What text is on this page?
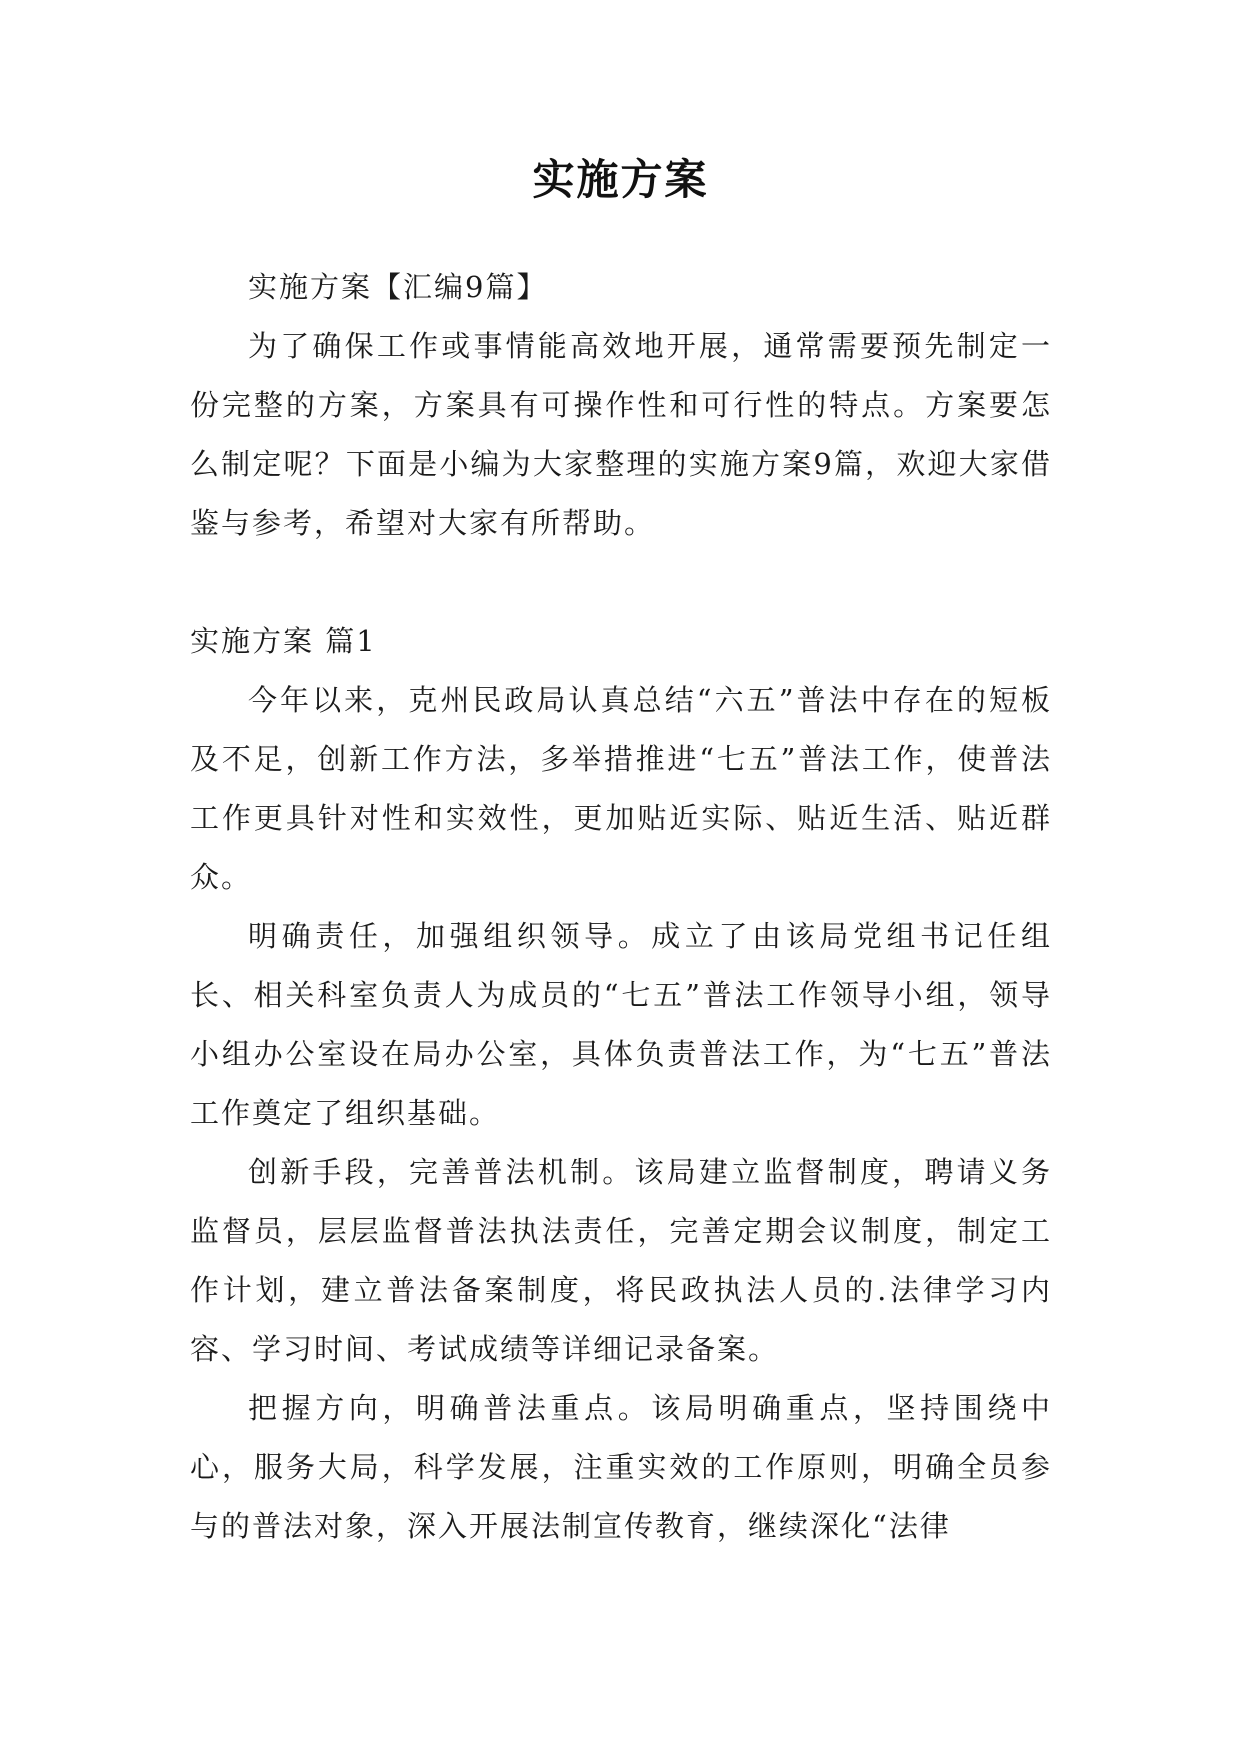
实施方案

实施方案【汇编9篇】

为了确保工作或事情能高效地开展，通常需要预先制定一份完整的方案，方案具有可操作性和可行性的特点。方案要怎么制定呢？下面是小编为大家整理的实施方案9篇，欢迎大家借鉴与参考，希望对大家有所帮助。

实施方案 篇1

今年以来，克州民政局认真总结“六五”普法中存在的短板及不足，创新工作方法，多举措推进“七五”普法工作，使普法工作更具针对性和实效性，更加贴近实际、贴近生活、贴近群众。

明确责任，加强组织领导。成立了由该局党组书记任组长、相关科室负责人为成员的“七五”普法工作领导小组，领导小组办公室设在局办公室，具体负责普法工作，为“七五”普法工作奠定了组织基础。

创新手段，完善普法机制。该局建立监督制度，聘请义务监督员，层层监督普法执法责任，完善定期会议制度，制定工作计划，建立普法备案制度，将民政执法人员的.法律学习内容、学习时间、考试成绩等详细记录备案。

把握方向，明确普法重点。该局明确重点，坚持围绕中心，服务大局，科学发展，注重实效的工作原则，明确全员参与的普法对象，深入开展法制宣传教育，继续深化“法律
